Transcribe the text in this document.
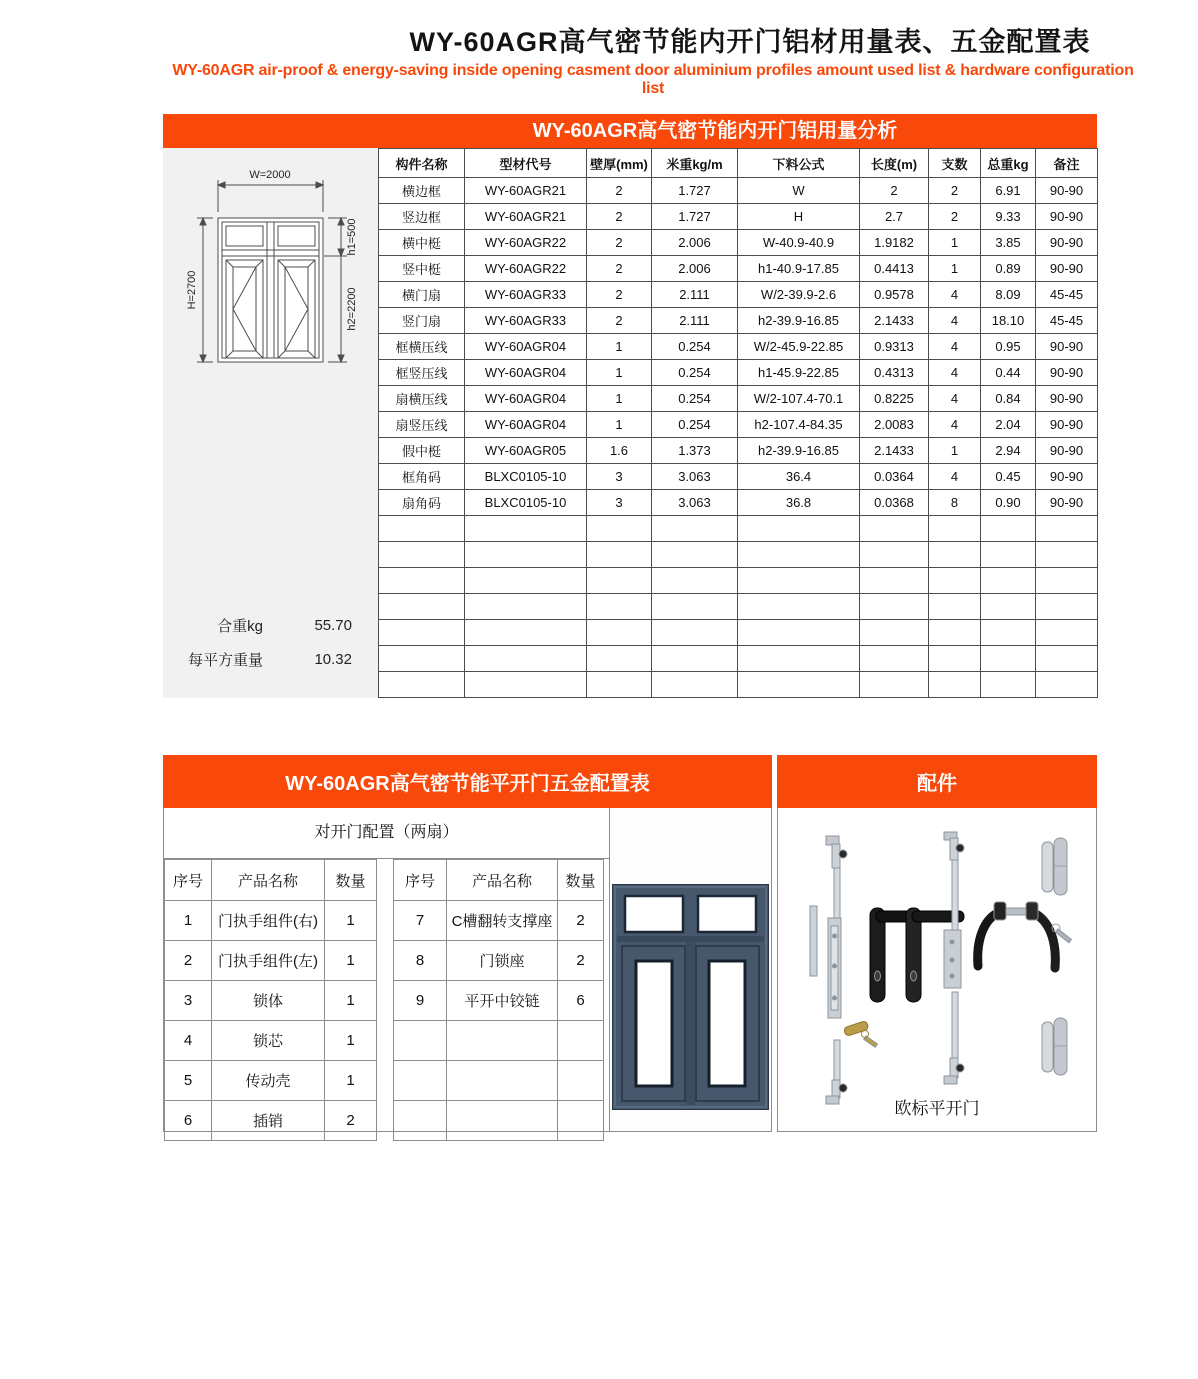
WY-60AGR高气密节能内开门铝材用量表、五金配置表
WY-60AGR air-proof & energy-saving inside opening casment door aluminium profiles amount used list & hardware configuration list
WY-60AGR高气密节能内开门铝用量分析
W=2000
H=2700
h1=500
h2=2200
合重kg	55.70
每平方重量	10.32
构件名称	型材代号	壁厚(mm)	米重kg/m	下料公式	长度(m)	支数	总重kg	备注
横边框	WY-60AGR21	2	1.727	W	2	2	6.91	90-90
竖边框	WY-60AGR21	2	1.727	H	2.7	2	9.33	90-90
横中梃	WY-60AGR22	2	2.006	W-40.9-40.9	1.9182	1	3.85	90-90
竖中梃	WY-60AGR22	2	2.006	h1-40.9-17.85	0.4413	1	0.89	90-90
横门扇	WY-60AGR33	2	2.111	W/2-39.9-2.6	0.9578	4	8.09	45-45
竖门扇	WY-60AGR33	2	2.111	h2-39.9-16.85	2.1433	4	18.10	45-45
框横压线	WY-60AGR04	1	0.254	W/2-45.9-22.85	0.9313	4	0.95	90-90
框竖压线	WY-60AGR04	1	0.254	h1-45.9-22.85	0.4313	4	0.44	90-90
扇横压线	WY-60AGR04	1	0.254	W/2-107.4-70.1	0.8225	4	0.84	90-90
扇竖压线	WY-60AGR04	1	0.254	h2-107.4-84.35	2.0083	4	2.04	90-90
假中梃	WY-60AGR05	1.6	1.373	h2-39.9-16.85	2.1433	1	2.94	90-90
框角码	BLXC0105-10	3	3.063	36.4	0.0364	4	0.45	90-90
扇角码	BLXC0105-10	3	3.063	36.8	0.0368	8	0.90	90-90

WY-60AGR高气密节能平开门五金配置表
对开门配置（两扇）
序号	产品名称	数量
1	门执手组件(右)	1
2	门执手组件(左)	1
3	锁体	1
4	锁芯	1
5	传动壳	1
6	插销	2
序号	产品名称	数量
7	C槽翻转支撑座	2
8	门锁座	2
9	平开中铰链	6

配件
欧标平开门
